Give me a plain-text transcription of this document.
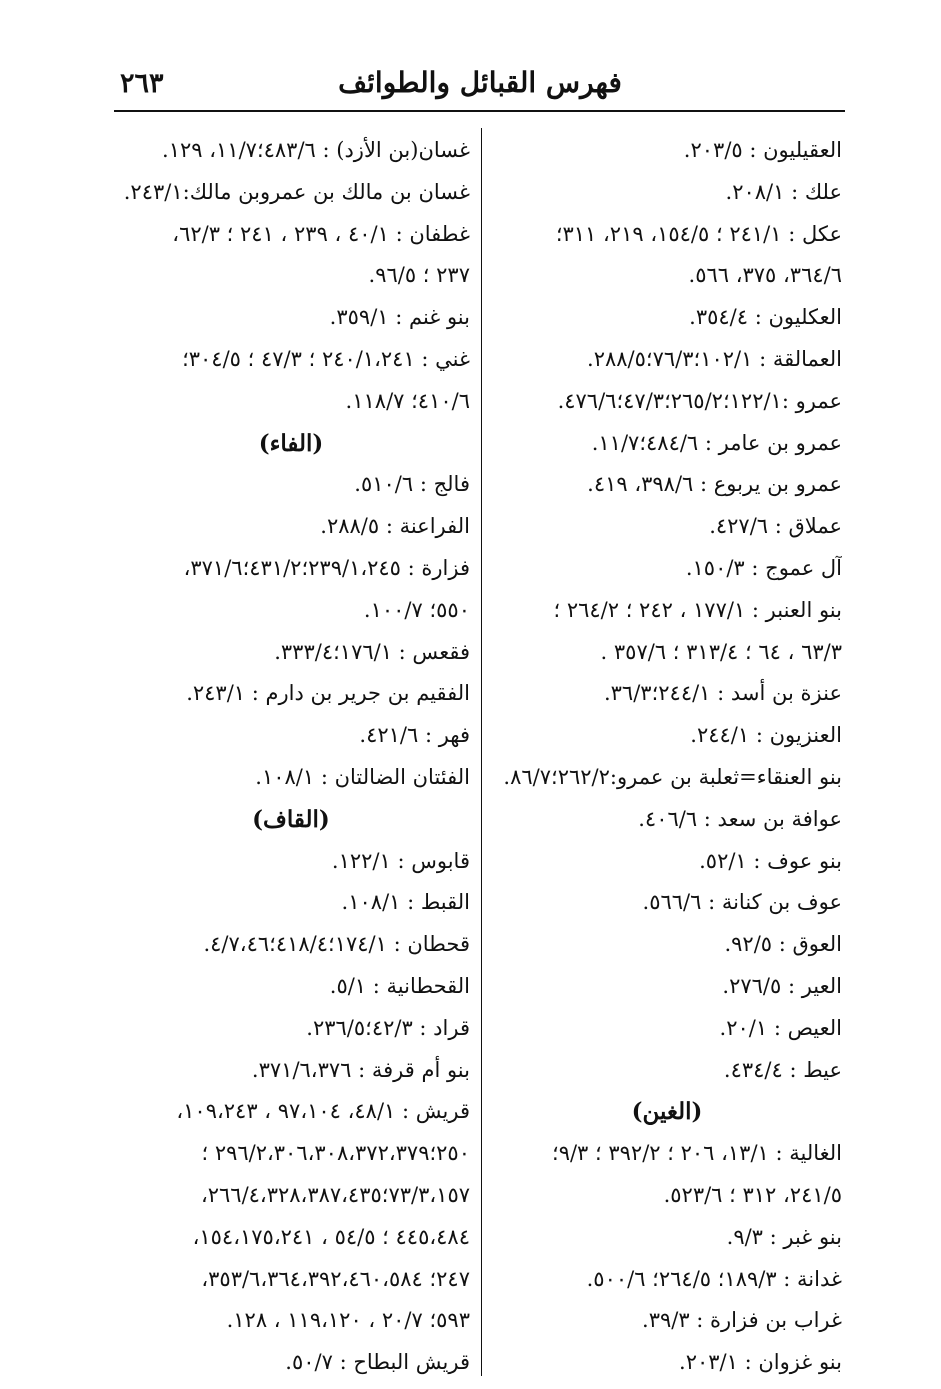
٢٦٣	فهرس القبائل والطوائف
العقيليون : ٢٠٣/٥.
علك : ٢٠٨/١.
عكل : ٢٤١/١ ؛ ١٥٤/٥، ٢١٩، ٣١١؛
٣٦٤/٦، ٣٧٥، ٥٦٦.
العكليون : ٣٥٤/٤.
العمالقة : ١٠٢/١؛٧٦/٣؛٢٨٨/٥.
عمرو :١٢٢/١؛٢٦٥/٢؛٤٧/٣؛٤٧٦/٦.
عمرو بن عامر : ٤٨٤/٦؛١١/٧.
عمرو بن يربوع : ٣٩٨/٦، ٤١٩.
عملاق : ٤٢٧/٦.
آل عموج : ١٥٠/٣.
بنو العنبر : ١٧٧/١ ، ٢٤٢ ؛ ٢٦٤/٢ ؛
٦٣/٣ ، ٦٤ ؛ ٣١٣/٤ ؛ ٣٥٧/٦ .
عنزة بن أسد : ٢٤٤/١؛٣٦/٣.
العنزيون : ٢٤٤/١.
بنو العنقاء=ثعلبة بن عمرو:٢٦٢/٢؛٨٦/٧.
عوافة بن سعد : ٤٠٦/٦.
بنو عوف : ٥٢/١.
عوف بن كنانة : ٥٦٦/٦.
العوق : ٩٢/٥.
العير : ٢٧٦/٥.
العيص : ٢٠/١.
عيط : ٤٣٤/٤.
(الغين)
الغالية : ١٣/١، ٢٠٦ ؛ ٣٩٢/٢ ؛ ٩/٣؛
٢٤١/٥، ٣١٢ ؛ ٥٢٣/٦.
بنو غبر : ٩/٣.
غدانة : ١٨٩/٣؛ ٢٦٤/٥؛ ٥٠٠/٦.
غراب بن فزارة : ٣٩/٣.
بنو غزوان : ٢٠٣/١.
غسان(بن الأزد) : ٤٨٣/٦؛١١/٧، ١٢٩.
غسان بن مالك بن عمروبن مالك:٢٤٣/١.
غطفان : ٤٠/١ ، ٢٣٩ ، ٢٤١ ؛ ٦٢/٣،
٢٣٧ ؛ ٩٦/٥.
بنو غنم : ٣٥٩/١.
غني : ٢٤٠/١،٢٤١ ؛ ٤٧/٣ ؛ ٣٠٤/٥؛
٤١٠/٦؛ ١١٨/٧.
(الفاء)
فالج : ٥١٠/٦.
الفراعنة : ٢٨٨/٥.
فزارة : ٢٣٩/١،٢٤٥؛٤٣١/٢؛٣٧١/٦،
٥٥٠؛ ١٠٠/٧.
فقعس : ١٧٦/١؛٣٣٣/٤.
الفقيم بن جرير بن دارم : ٢٤٣/١.
فهر : ٤٢١/٦.
الفئتان الضالتان : ١٠٨/١.
(القاف)
قابوس : ١٢٢/١.
القبط : ١٠٨/١.
قحطان : ١٧٤/١؛٤١٨/٤؛٤/٧،٤٦.
القحطانية : ٥/١.
قراد : ٤٢/٣؛٢٣٦/٥.
بنو أم قرفة : ٣٧١/٦،٣٧٦.
قريش : ٤٨/١، ٩٧،١٠٤ ، ١٠٩،٢٤٣،
٢٥٠؛٢٩٦/٢،٣٠٦،٣٠٨،٣٧٢،٣٧٩ ؛
٧٣/٣،١٥٧؛٢٦٦/٤،٣٢٨،٣٨٧،٤٣٥،
٤٤٥،٤٨٤ ؛ ٥٤/٥ ، ١٥٤،١٧٥،٢٤١،
٢٤٧؛ ٣٥٣/٦،٣٦٤،٣٩٢،٤٦٠،٥٨٤،
٥٩٣؛ ٢٠/٧ ، ١١٩،١٢٠ ، ١٢٨.
قريش البطاح : ٥٠/٧.
